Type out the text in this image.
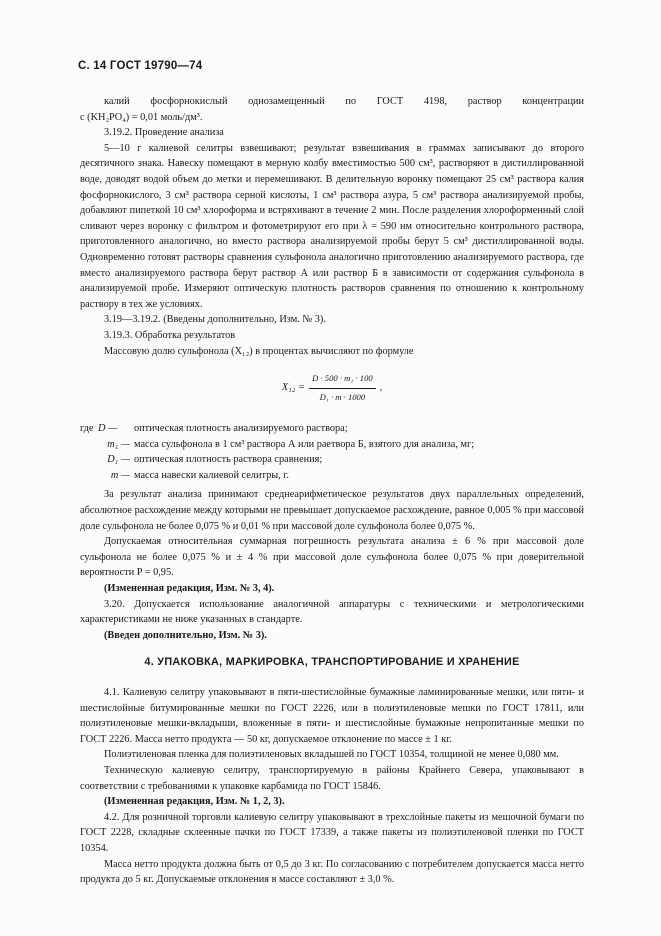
С. 14 ГОСТ 19790—74

калий фосфорнокислый однозамещенный по ГОСТ 4198, раствор концентрации

c (KH₂PO₄) = 0,01 моль/дм³.

3.19.2. Проведение анализа

5—10 г калиевой селитры взвешивают; результат взвешивания в граммах записывают до второго десятичного знака. Навеску помещают в мерную колбу вместимостью 500 см³, растворяют в дистиллированной воде, доводят водой объем до метки и перемешивают. В делительную воронку помещают 25 см³ раствора калия фосфорнокислого, 3 см³ раствора серной кислоты, 1 см³ раствора азура, 5 см³ раствора анализируемой пробы, добавляют пипеткой 10 см³ хлороформа и встряхивают в течение 2 мин. После разделения хлороформенный слой сливают через воронку с фильтром и фотометрируют его при λ = 590 нм относительно контрольного раствора, приготовленного аналогично, но вместо раствора анализируемой пробы берут 5 см³ дистиллированной воды. Одновременно готовят растворы сравнения сульфонола аналогично приготовлению анализируемого раствора, где вместо анализируемого раствора берут раствор А или раствор Б в зависимости от содержания сульфонола в анализируемой пробе. Измеряют оптическую плотность растворов сравнения по отношению к контрольному раствору в тех же условиях.

3.19—3.19.2. (Введены дополнительно, Изм. № 3).

3.19.3. Обработка результатов

Массовую долю сульфонола (X₁₂) в процентах вычисляют по формуле

$X_{12} = \frac{\text{D · 500 · m₁ · 100}}{\text{D₁ · m · 1000}}$ ,
где D —	оптическая плотность анализируемого раствора;
m₁ — масса сульфонола в 1 см³ раствора А или раетвора Б, взятого для анализа, мг;
D₁ — оптическая плотность раствора сравнения;
m — масса навески калиевой селитры, г.

За результат анализа принимают среднеарифметическое результатов двух параллельных определений, абсолютное расхождение между которыми не превышает допускаемое расхождение, равное 0,005 % при массовой доле сульфонола не более 0,075 % и 0,01 % при массовой доле сульфонола более 0,075 %.

Допускаемая относительная суммарная погрешность результата анализа ± 6 % при массовой доле сульфонола не более 0,075 % и ± 4 % при массовой доле сульфонола более 0,075 % при доверительной вероятности P = 0,95.

(Измененная редакция, Изм. № 3, 4).

3.20. Допускается использование аналогичной аппаратуры с техническими и метрологическими характеристиками не ниже указанных в стандарте.

(Введен дополнительно, Изм. № 3).

4. УПАКОВКА, МАРКИРОВКА, ТРАНСПОРТИРОВАНИЕ И ХРАНЕНИЕ

4.1. Калиевую селитру упаковывают в пяти-шестислойные бумажные ламинированные мешки, или пяти- и шестислойные битумированные мешки по ГОСТ 2226, или в полиэтиленовые мешки по ГОСТ 17811, или полиэтиленовые мешки-вкладыши, вложенные в пяти- и шестислойные бумажные непропитанные мешки по ГОСТ 2226. Масса нетто продукта — 50 кг, допускаемое отклонение по массе ± 1 кг.

Полиэтиленовая пленка для полиэтиленовых вкладышей по ГОСТ 10354, толщиной не менее 0,080 мм.

Техническую калиевую селитру, транспортируемую в районы Крайнего Севера, упаковывают в соответствии с требованиями к упаковке карбамида по ГОСТ 15846.

(Измененная редакция, Изм. № 1, 2, 3).

4.2. Для розничной торговли калиевую селитру упаковывают в трехслойные пакеты из мешочной бумаги по ГОСТ 2228, складные склеенные пачки по ГОСТ 17339, а также пакеты из полиэтиленовой пленки по ГОСТ 10354.

Масса нетто продукта должна быть от 0,5 до 3 кг. По согласованию с потребителем допускается масса нетто продукта до 5 кг. Допускаемые отклонения в массе составляют ± 3,0 %.
